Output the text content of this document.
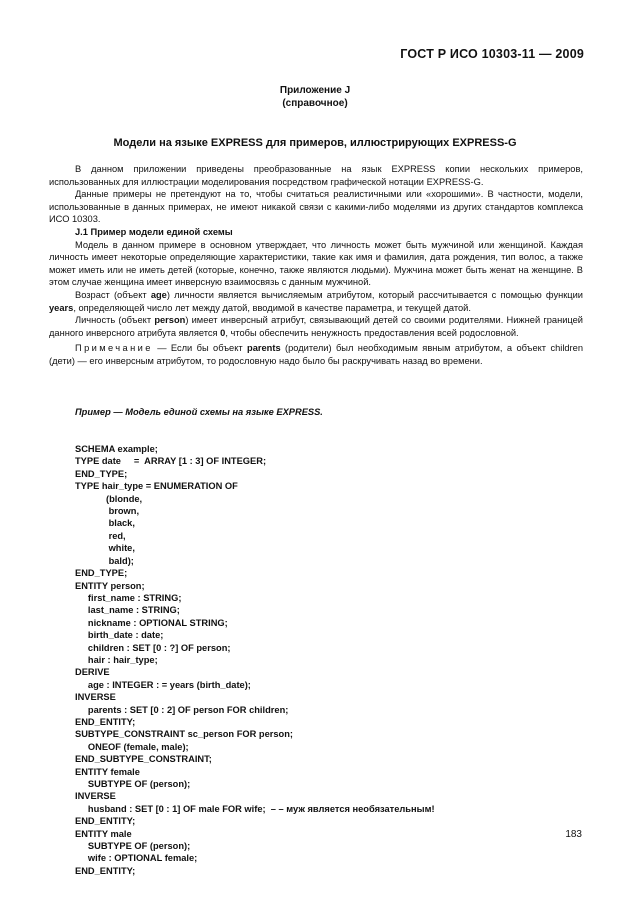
ГОСТ Р ИСО 10303-11 — 2009
Приложение J
(справочное)
Модели на языке EXPRESS для примеров, иллюстрирующих EXPRESS-G

В данном приложении приведены преобразованные на язык EXPRESS копии нескольких примеров, использованных для иллюстрации моделирования посредством графической нотации EXPRESS-G.

Данные примеры не претендуют на то, чтобы считаться реалистичными или «хорошими». В частности, модели, использованные в данных примерах, не имеют никакой связи с какими-либо моделями из других стандартов комплекса ИСО 10303.

J.1 Пример модели единой схемы

Модель в данном примере в основном утверждает, что личность может быть мужчиной или женщиной. Каждая личность имеет некоторые определяющие характеристики, такие как имя и фамилия, дата рождения, тип волос, а также может иметь или не иметь детей (которые, конечно, также являются людьми). Мужчина может быть женат на женщине. В этом случае женщина имеет инверсную взаимосвязь с данным мужчиной.

Возраст (объект age) личности является вычисляемым атрибутом, который рассчитывается с помощью функции years, определяющей число лет между датой, вводимой в качестве параметра, и текущей датой.

Личность (объект person) имеет инверсный атрибут, связывающий детей со своими родителями. Нижней границей данного инверсного атрибута является 0, чтобы обеспечить ненужность предоставления всей родословной.

Примечание — Если бы объект parents (родители) был необходимым явным атрибутом, а объект children (дети) — его инверсным атрибутом, то родословную надо было бы раскручивать назад во времени.

Пример — Модель единой схемы на языке EXPRESS.

SCHEMA example;
TYPE date     =  ARRAY [1 : 3] OF INTEGER;
END_TYPE;
TYPE hair_type = ENUMERATION OF
(blonde,
brown,
black,
red,
white,
bald);
END_TYPE;
ENTITY person;
first_name : STRING;
last_name : STRING;
nickname : OPTIONAL STRING;
birth_date : date;
children : SET [0 : ?] OF person;
hair : hair_type;
DERIVE
age : INTEGER : = years (birth_date);
INVERSE
parents : SET [0 : 2] OF person FOR children;
END_ENTITY;
SUBTYPE_CONSTRAINT sc_person FOR person;
ONEOF (female, male);
END_SUBTYPE_CONSTRAINT;
ENTITY female
SUBTYPE OF (person);
INVERSE
husband : SET [0 : 1] OF male FOR wife;  – – муж является необязательным!
END_ENTITY;
ENTITY male
SUBTYPE OF (person);
wife : OPTIONAL female;
END_ENTITY;

183
